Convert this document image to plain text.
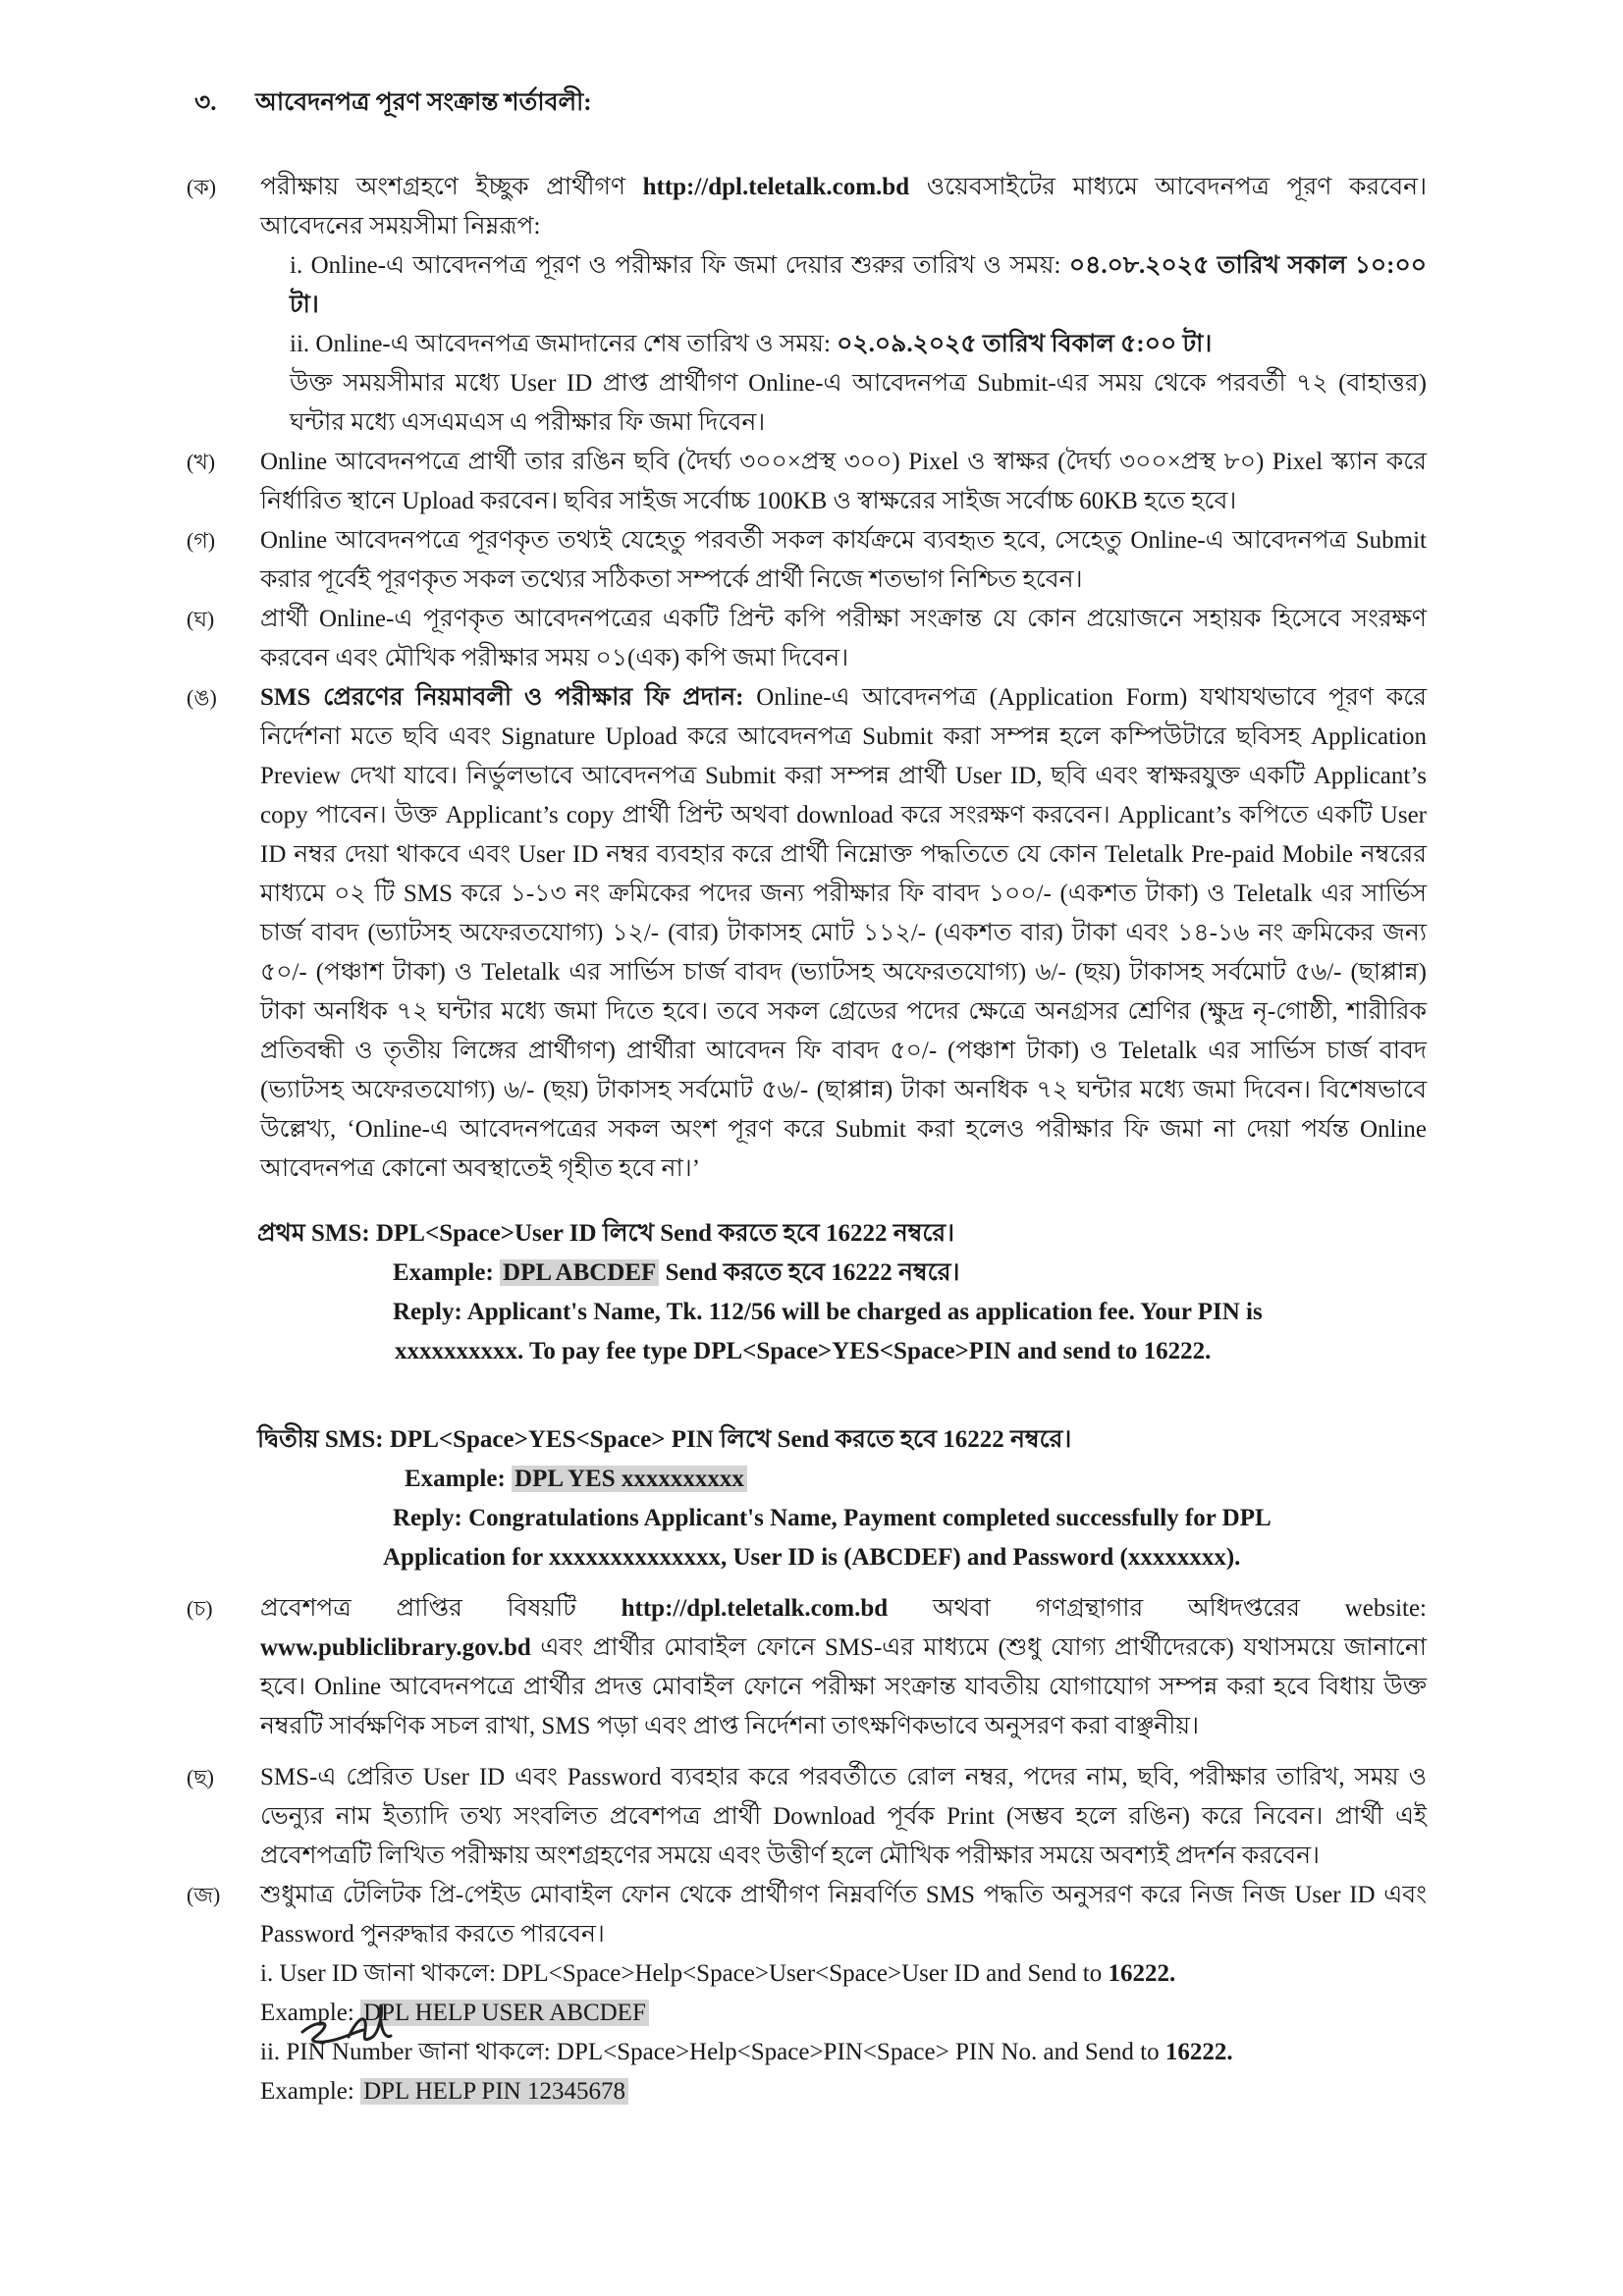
৩.	আবেদনপত্র পূরণ সংক্রান্ত শর্তাবলী:
(ক)	পরীক্ষায় অংশগ্রহণে ইচ্ছুক প্রার্থীগণ http://dpl.teletalk.com.bd ওয়েবসাইটের মাধ্যমে আবেদনপত্র পূরণ করবেন। আবেদনের সময়সীমা নিম্নরূপ:

i. Online-এ আবেদনপত্র পূরণ ও পরীক্ষার ফি জমা দেয়ার শুরুর তারিখ ও সময়: ০৪.০৮.২০২৫ তারিখ সকাল ১০:০০ টা।

ii. Online-এ আবেদনপত্র জমাদানের শেষ তারিখ ও সময়: ০২.০৯.২০২৫ তারিখ বিকাল ৫:০০ টা।

উক্ত সময়সীমার মধ্যে User ID প্রাপ্ত প্রার্থীগণ Online-এ আবেদনপত্র Submit-এর সময় থেকে পরবর্তী ৭২ (বাহাত্তর) ঘন্টার মধ্যে এসএমএস এ পরীক্ষার ফি জমা দিবেন।

(খ)	Online আবেদনপত্রে প্রার্থী তার রঙিন ছবি (দৈর্ঘ্য ৩০০×প্রস্থ ৩০০) Pixel ও স্বাক্ষর (দৈর্ঘ্য ৩০০×প্রস্থ ৮০) Pixel স্ক্যান করে নির্ধারিত স্থানে Upload করবেন। ছবির সাইজ সর্বোচ্চ 100KB ও স্বাক্ষরের সাইজ সর্বোচ্চ 60KB হতে হবে।

(গ)	Online আবেদনপত্রে পূরণকৃত তথ্যই যেহেতু পরবর্তী সকল কার্যক্রমে ব্যবহৃত হবে, সেহেতু Online-এ আবেদনপত্র Submit করার পূর্বেই পূরণকৃত সকল তথ্যের সঠিকতা সম্পর্কে প্রার্থী নিজে শতভাগ নিশ্চিত হবেন।

(ঘ)	প্রার্থী Online-এ পূরণকৃত আবেদনপত্রের একটি প্রিন্ট কপি পরীক্ষা সংক্রান্ত যে কোন প্রয়োজনে সহায়ক হিসেবে সংরক্ষণ করবেন এবং মৌখিক পরীক্ষার সময় ০১(এক) কপি জমা দিবেন।

(ঙ)	SMS প্রেরণের নিয়মাবলী ও পরীক্ষার ফি প্রদান: Online-এ আবেদনপত্র (Application Form) যথাযথভাবে পূরণ করে নির্দেশনা মতে ছবি এবং Signature Upload করে আবেদনপত্র Submit করা সম্পন্ন হলে কম্পিউটারে ছবিসহ Application Preview দেখা যাবে। নির্ভুলভাবে আবেদনপত্র Submit করা সম্পন্ন প্রার্থী User ID, ছবি এবং স্বাক্ষরযুক্ত একটি Applicant’s copy পাবেন। উক্ত Applicant’s copy প্রার্থী প্রিন্ট অথবা download করে সংরক্ষণ করবেন। Applicant’s কপিতে একটি User ID নম্বর দেয়া থাকবে এবং User ID নম্বর ব্যবহার করে প্রার্থী নিম্নোক্ত পদ্ধতিতে যে কোন Teletalk Pre-paid Mobile নম্বরের মাধ্যমে ০২ টি SMS করে ১-১৩ নং ক্রমিকের পদের জন্য পরীক্ষার ফি বাবদ ১০০/- (একশত টাকা) ও Teletalk এর সার্ভিস চার্জ বাবদ (ভ্যাটসহ অফেরতযোগ্য) ১২/- (বার) টাকাসহ মোট ১১২/- (একশত বার) টাকা এবং ১৪-১৬ নং ক্রমিকের জন্য ৫০/- (পঞ্চাশ টাকা) ও Teletalk এর সার্ভিস চার্জ বাবদ (ভ্যাটসহ অফেরতযোগ্য) ৬/- (ছয়) টাকাসহ সর্বমোট ৫৬/- (ছাপ্পান্ন) টাকা অনধিক ৭২ ঘন্টার মধ্যে জমা দিতে হবে। তবে সকল গ্রেডের পদের ক্ষেত্রে অনগ্রসর শ্রেণির (ক্ষুদ্র নৃ-গোষ্ঠী, শারীরিক প্রতিবন্ধী ও তৃতীয় লিঙ্গের প্রার্থীগণ) প্রার্থীরা আবেদন ফি বাবদ ৫০/- (পঞ্চাশ টাকা) ও Teletalk এর সার্ভিস চার্জ বাবদ (ভ্যাটসহ অফেরতযোগ্য) ৬/- (ছয়) টাকাসহ সর্বমোট ৫৬/- (ছাপ্পান্ন) টাকা অনধিক ৭২ ঘন্টার মধ্যে জমা দিবেন। বিশেষভাবে উল্লেখ্য, ‘Online-এ আবেদনপত্রের সকল অংশ পূরণ করে Submit করা হলেও পরীক্ষার ফি জমা না দেয়া পর্যন্ত Online আবেদনপত্র কোনো অবস্থাতেই গৃহীত হবে না।’

প্রথম SMS: DPL<Space>User ID লিখে Send করতে হবে 16222 নম্বরে।
Example: DPL ABCDEF Send করতে হবে 16222 নম্বরে।
Reply: Applicant's Name, Tk. 112/56 will be charged as application fee. Your PIN is
xxxxxxxxxx. To pay fee type DPL<Space>YES<Space>PIN and send to 16222.
দ্বিতীয় SMS: DPL<Space>YES<Space> PIN লিখে Send করতে হবে 16222 নম্বরে।
Example: DPL YES xxxxxxxxxx
Reply: Congratulations Applicant's Name, Payment completed successfully for DPL
Application for xxxxxxxxxxxxxx, User ID is (ABCDEF) and Password (xxxxxxxx).
(চ)	প্রবেশপত্র প্রাপ্তির বিষয়টি http://dpl.teletalk.com.bd অথবা গণগ্রন্থাগার অধিদপ্তরের website: www.publiclibrary.gov.bd এবং প্রার্থীর মোবাইল ফোনে SMS-এর মাধ্যমে (শুধু যোগ্য প্রার্থীদেরকে) যথাসময়ে জানানো হবে। Online আবেদনপত্রে প্রার্থীর প্রদত্ত মোবাইল ফোনে পরীক্ষা সংক্রান্ত যাবতীয় যোগাযোগ সম্পন্ন করা হবে বিধায় উক্ত নম্বরটি সার্বক্ষণিক সচল রাখা, SMS পড়া এবং প্রাপ্ত নির্দেশনা তাৎক্ষণিকভাবে অনুসরণ করা বাঞ্ছনীয়।

(ছ)	SMS-এ প্রেরিত User ID এবং Password ব্যবহার করে পরবর্তীতে রোল নম্বর, পদের নাম, ছবি, পরীক্ষার তারিখ, সময় ও ভেন্যুর নাম ইত্যাদি তথ্য সংবলিত প্রবেশপত্র প্রার্থী Download পূর্বক Print (সম্ভব হলে রঙিন) করে নিবেন। প্রার্থী এই প্রবেশপত্রটি লিখিত পরীক্ষায় অংশগ্রহণের সময়ে এবং উত্তীর্ণ হলে মৌখিক পরীক্ষার সময়ে অবশ্যই প্রদর্শন করবেন।

(জ)	শুধুমাত্র টেলিটক প্রি-পেইড মোবাইল ফোন থেকে প্রার্থীগণ নিম্নবর্ণিত SMS পদ্ধতি অনুসরণ করে নিজ নিজ User ID এবং Password পুনরুদ্ধার করতে পারবেন।

i. User ID জানা থাকলে: DPL<Space>Help<Space>User<Space>User ID and Send to 16222.

Example: DPL HELP USER ABCDEF

ii. PIN Number জানা থাকলে: DPL<Space>Help<Space>PIN<Space> PIN No. and Send to 16222.

Example: DPL HELP PIN 12345678
